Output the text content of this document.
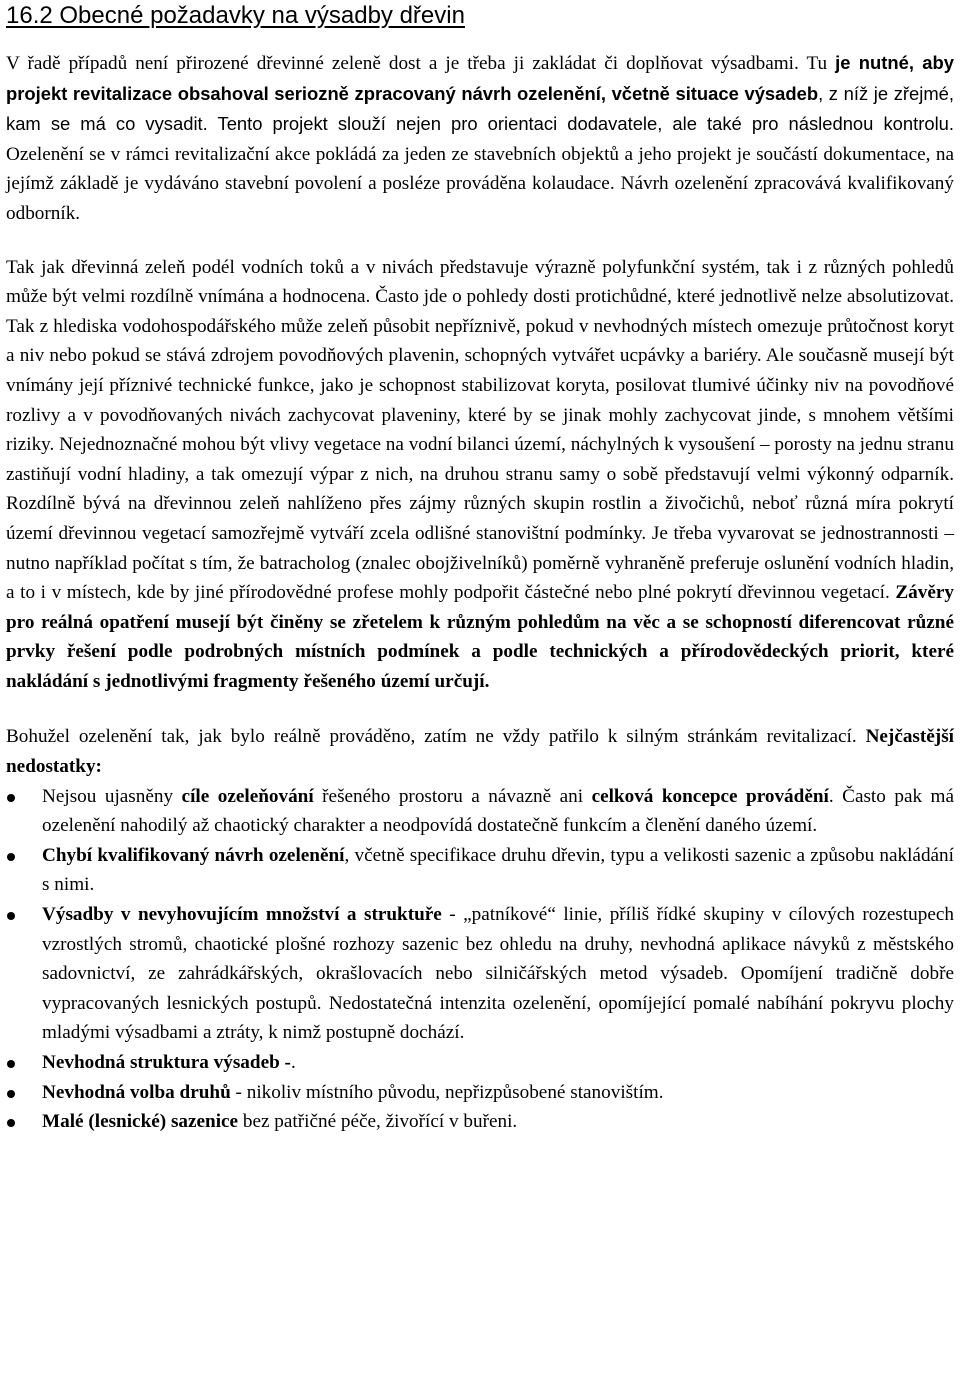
16.2 Obecné požadavky na výsadby dřevin

V řadě případů není přirozené dřevinné zeleně dost a je třeba ji zakládat či doplňovat výsadbami. Tu je nutné, aby projekt revitalizace obsahoval seriozně zpracovaný návrh ozelenění, včetně situace výsadeb, z níž je zřejmé, kam se má co vysadit. Tento projekt slouží nejen pro orientaci dodavatele, ale také pro následnou kontrolu. Ozelenění se v rámci revitalizační akce pokládá za jeden ze stavebních objektů a jeho projekt je součástí dokumentace, na jejímž základě je vydáváno stavební povolení a posléze prováděna kolaudace. Návrh ozelenění zpracovává kvalifikovaný odborník.

Tak jak dřevinná zeleň podél vodních toků a v nivách představuje výrazně polyfunkční systém, tak i z různých pohledů může být velmi rozdílně vnímána a hodnocena. Často jde o pohledy dosti protichůdné, které jednotlivě nelze absolutizovat. Tak z hlediska vodohospodářského může zeleň působit nepříznivě, pokud v nevhodných místech omezuje průtočnost koryt a niv nebo pokud se stává zdrojem povodňových plavenin, schopných vytvářet ucpávky a bariéry. Ale současně musejí být vnímány její příznivé technické funkce, jako je schopnost stabilizovat koryta, posilovat tlumivé účinky niv na povodňové rozlivy a v povodňovaných nivách zachycovat plaveniny, které by se jinak mohly zachycovat jinde, s mnohem většími riziky. Nejednoznačné mohou být vlivy vegetace na vodní bilanci území, náchylných k vysoušení – porosty na jednu stranu zastiňují vodní hladiny, a tak omezují výpar z nich, na druhou stranu samy o sobě představují velmi výkonný odparník. Rozdílně bývá na dřevinnou zeleň nahlíženo přes zájmy různých skupin rostlin a živočichů, neboť různá míra pokrytí území dřevinnou vegetací samozřejmě vytváří zcela odlišné stanovištní podmínky. Je třeba vyvarovat se jednostrannosti – nutno například počítat s tím, že batracholog (znalec obojživelníků) poměrně vyhraněně preferuje oslunění vodních hladin, a to i v místech, kde by jiné přírodovědné profese mohly podpořit částečné nebo plné pokrytí dřevinnou vegetací. Závěry pro reálná opatření musejí být činěny se zřetelem k různým pohledům na věc a se schopností diferencovat různé prvky řešení podle podrobných místních podmínek a podle technických a přírodovědeckých priorit, které nakládání s jednotlivými fragmenty řešeného území určují.

Bohužel ozelenění tak, jak bylo reálně prováděno, zatím ne vždy patřilo k silným stránkám revitalizací. Nejčastější nedostatky:

Nejsou ujasněny cíle ozeleňování řešeného prostoru a návazně ani celková koncepce provádění. Často pak má ozelenění nahodilý až chaotický charakter a neodpovídá dostatečně funkcím a členění daného území.
Chybí kvalifikovaný návrh ozelenění, včetně specifikace druhu dřevin, typu a velikosti sazenic a způsobu nakládání s nimi.
Výsadby v nevyhovujícím množství a struktuře - „patníkové“ linie, příliš řídké skupiny v cílových rozestupech vzrostlých stromů, chaotické plošné rozhozy sazenic bez ohledu na druhy, nevhodná aplikace návyků z městského sadovnictví, ze zahrádkářských, okrašlovacích nebo silničářských metod výsadeb. Opomíjení tradičně dobře vypracovaných lesnických postupů. Nedostatečná intenzita ozelenění, opomíjející pomalé nabíhání pokryvu plochy mladými výsadbami a ztráty, k nimž postupně dochází.
Nevhodná struktura výsadeb -.
Nevhodná volba druhů - nikoliv místního původu, nepřizpůsobené stanovištím.
Malé (lesnické) sazenice bez patřičné péče, živořící v buřeni.
